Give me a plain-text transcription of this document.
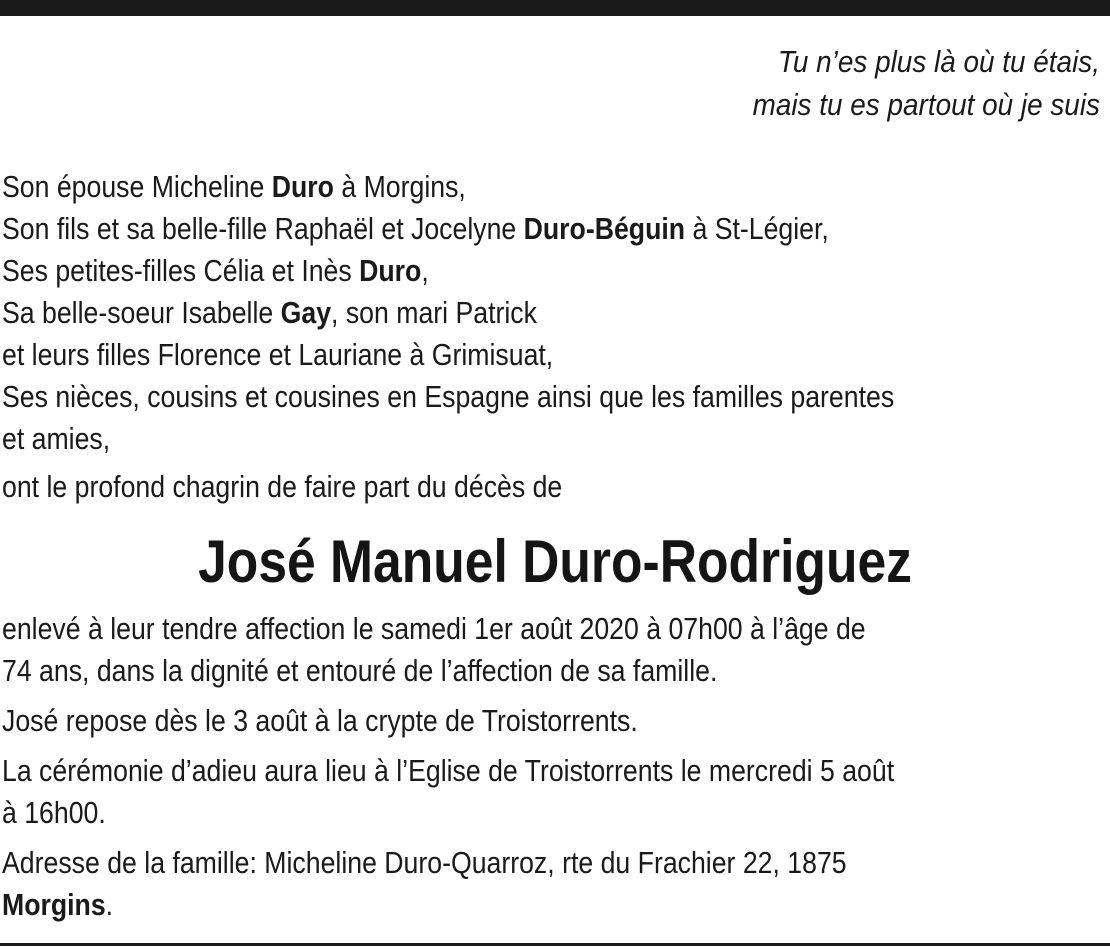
Tu n’es plus là où tu étais,
mais tu es partout où je suis
Son épouse Micheline Duro à Morgins,
Son fils et sa belle-fille Raphaël et Jocelyne Duro-Béguin à St-Légier,
Ses petites-filles Célia et Inès Duro,
Sa belle-soeur Isabelle Gay, son mari Patrick
et leurs filles Florence et Lauriane à Grimisuat,
Ses nièces, cousins et cousines en Espagne ainsi que les familles parentes
et amies,
ont le profond chagrin de faire part du décès de
José Manuel Duro-Rodriguez
enlevé à leur tendre affection le samedi 1er août 2020 à 07h00 à l’âge de
74 ans, dans la dignité et entouré de l’affection de sa famille.
José repose dès le 3 août à la crypte de Troistorrents.
La cérémonie d’adieu aura lieu à l’Eglise de Troistorrents le mercredi 5 août
à 16h00.
Adresse de la famille: Micheline Duro-Quarroz, rte du Frachier 22, 1875
Morgins.
